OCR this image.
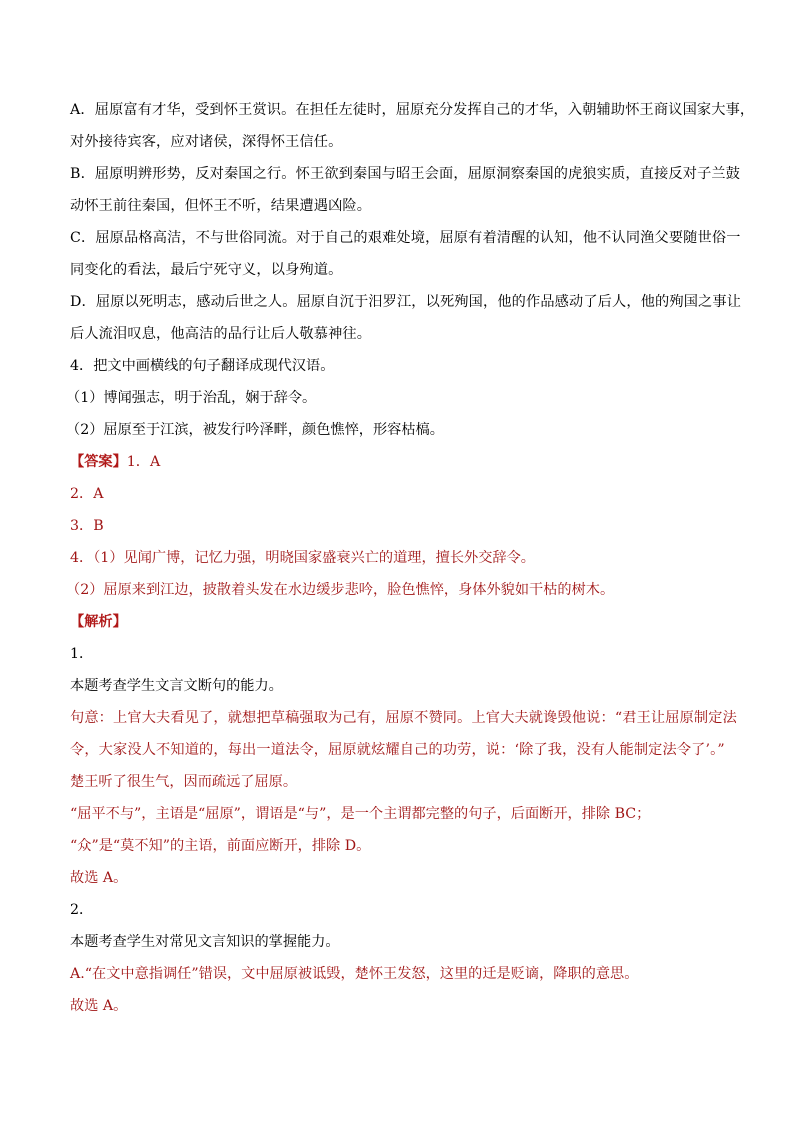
A．屈原富有才华，受到怀王赏识。在担任左徒时，屈原充分发挥自己的才华，入朝辅助怀王商议国家大事，
对外接待宾客，应对诸侯，深得怀王信任。
B．屈原明辨形势，反对秦国之行。怀王欲到秦国与昭王会面，屈原洞察秦国的虎狼实质，直接反对子兰鼓
动怀王前往秦国，但怀王不听，结果遭遇凶险。
C．屈原品格高洁，不与世俗同流。对于自己的艰难处境，屈原有着清醒的认知，他不认同渔父要随世俗一
同变化的看法，最后宁死守义，以身殉道。
D．屈原以死明志，感动后世之人。屈原自沉于汨罗江，以死殉国，他的作品感动了后人，他的殉国之事让
后人流泪叹息，他高洁的品行让后人敬慕神往。
4．把文中画横线的句子翻译成现代汉语。
（1）博闻强志，明于治乱，娴于辞令。
（2）屈原至于江滨，被发行吟泽畔，颜色憔悴，形容枯槁。
【答案】1．A
2．A
3．B
4．（1）见闻广博，记忆力强，明晓国家盛衰兴亡的道理，擅长外交辞令。
（2）屈原来到江边，披散着头发在水边缓步悲吟，脸色憔悴，身体外貌如干枯的树木。
【解析】
1．
本题考查学生文言文断句的能力。
句意：上官大夫看见了，就想把草稿强取为己有，屈原不赞同。上官大夫就谗毁他说：“君王让屈原制定法
令，大家没人不知道的，每出一道法令，屈原就炫耀自己的功劳，说：‘除了我，没有人能制定法令了’。”
楚王听了很生气，因而疏远了屈原。
“屈平不与”，主语是“屈原”，谓语是“与”，是一个主谓都完整的句子，后面断开，排除 BC；
“众”是“莫不知”的主语，前面应断开，排除 D。
故选 A。
2．
本题考查学生对常见文言知识的掌握能力。
A.“在文中意指调任”错误，文中屈原被诋毁，楚怀王发怒，这里的迁是贬谪，降职的意思。
故选 A。
